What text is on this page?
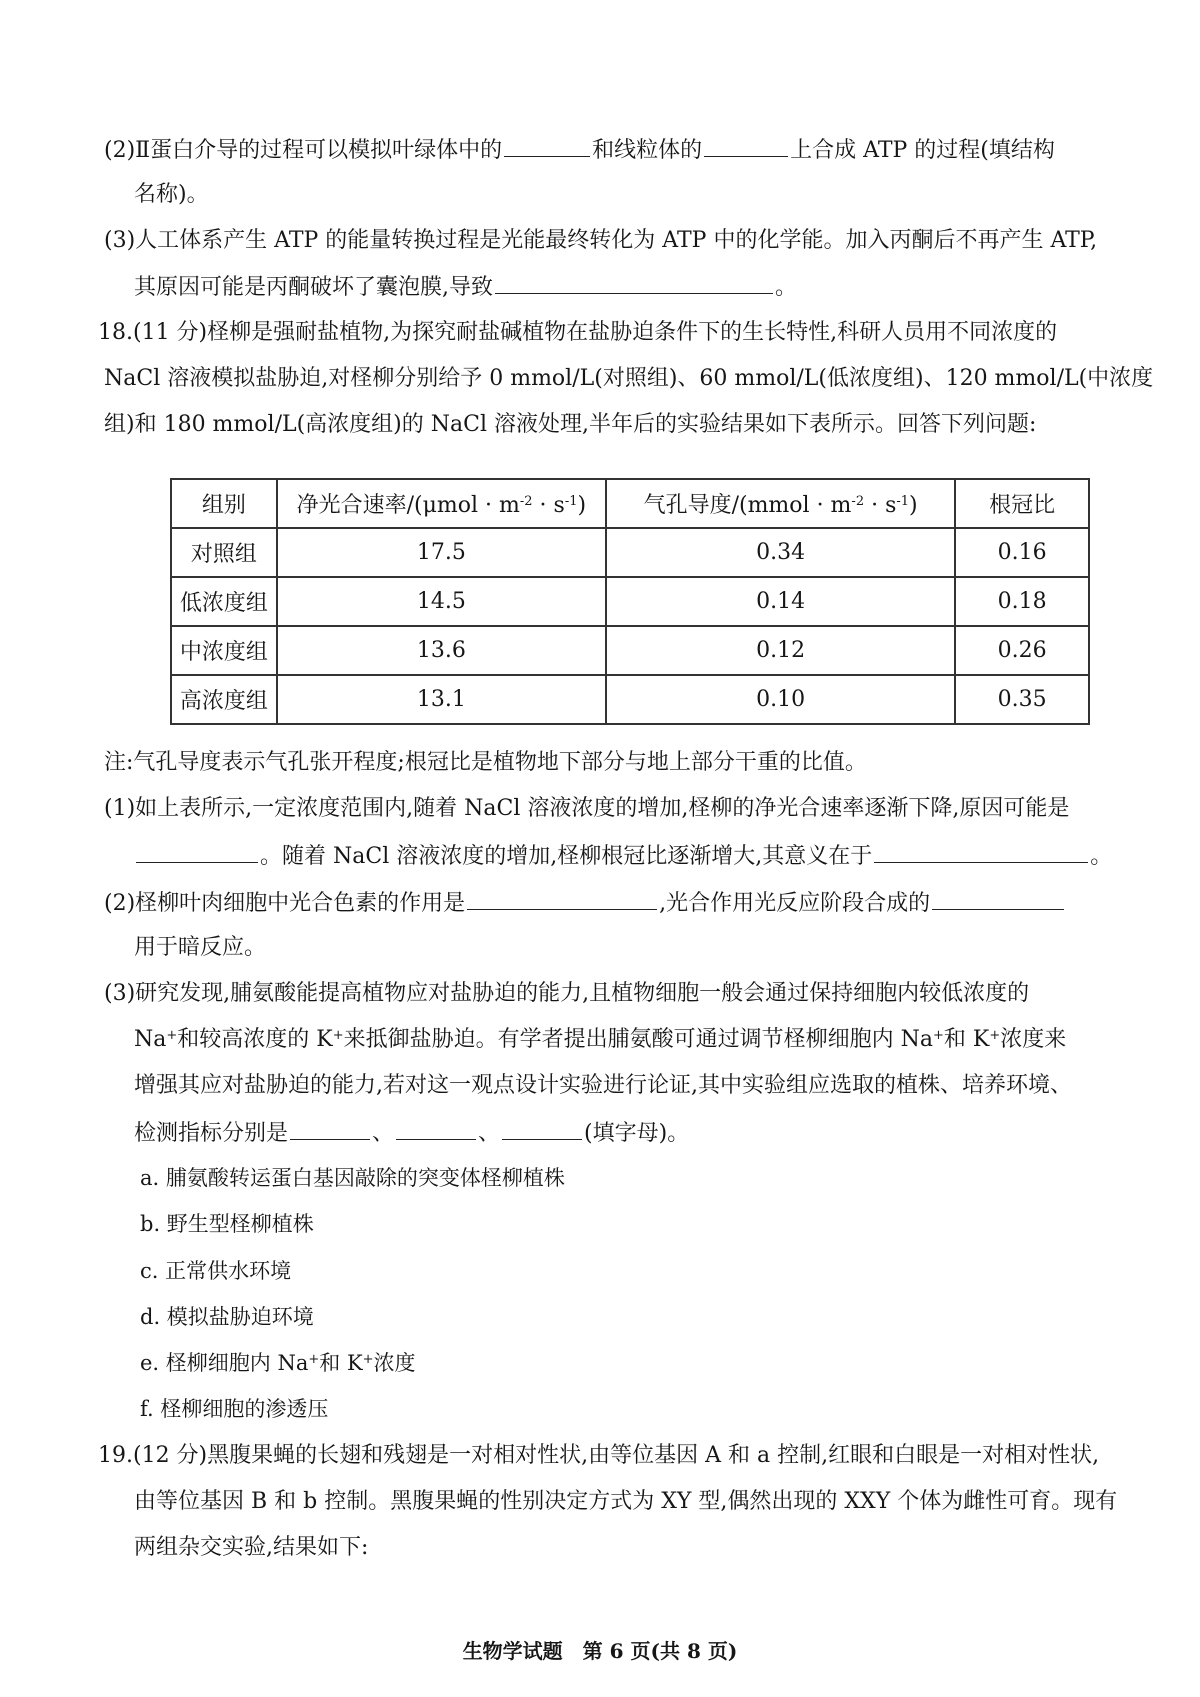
(2)Ⅱ蛋白介导的过程可以模拟叶绿体中的	和线粒体的	上合成 ATP 的过程(填结构
名称)。
(3)人工体系产生 ATP 的能量转换过程是光能最终转化为 ATP 中的化学能。加入丙酮后不再产生 ATP,
其原因可能是丙酮破坏了囊泡膜,导致	。
18.(11 分)柽柳是强耐盐植物,为探究耐盐碱植物在盐胁迫条件下的生长特性,科研人员用不同浓度的
NaCl 溶液模拟盐胁迫,对柽柳分别给予 0 mmol/L(对照组)、60 mmol/L(低浓度组)、120 mmol/L(中浓度
组)和 180 mmol/L(高浓度组)的 NaCl 溶液处理,半年后的实验结果如下表所示。回答下列问题:
组别	净光合速率$/(\mu mol \cdot m^{-2} \cdot s^{-1})$	气孔导度/(mmol · $m^{-2} \cdot s^{-1}$)	根冠比
对照组	17.5	0.34	0.16
低浓度组	14.5	0.14	0.18
中浓度组	13.6	0.12	0.26
高浓度组	13.1	0.10	0.35
注:气孔导度表示气孔张开程度;根冠比是植物地下部分与地上部分干重的比值。
(1)如上表所示,一定浓度范围内,随着 NaCl 溶液浓度的增加,柽柳的净光合速率逐渐下降,原因可能是
。随着 NaCl 溶液浓度的增加,柽柳根冠比逐渐增大,其意义在于	。
(2)柽柳叶肉细胞中光合色素的作用是	,光合作用光反应阶段合成的
用于暗反应。
(3)研究发现,脯氨酸能提高植物应对盐胁迫的能力,且植物细胞一般会通过保持细胞内较低浓度的
Na+和较高浓度的 K+来抵御盐胁迫。有学者提出脯氨酸可通过调节柽柳细胞内 Na+和 K+浓度来
增强其应对盐胁迫的能力,若对这一观点设计实验进行论证,其中实验组应选取的植株、培养环境、
检测指标分别是	、	、	(填字母)。
a. 脯氨酸转运蛋白基因敲除的突变体柽柳植株
b. 野生型柽柳植株
c. 正常供水环境
d. 模拟盐胁迫环境
e. 柽柳细胞内 Na+和 K+浓度
f. 柽柳细胞的渗透压
19.(12 分)黑腹果蝇的长翅和残翅是一对相对性状,由等位基因 A 和 a 控制,红眼和白眼是一对相对性状,
由等位基因 B 和 b 控制。黑腹果蝇的性别决定方式为 XY 型,偶然出现的 XXY 个体为雌性可育。现有
两组杂交实验,结果如下:
生物学试题　第 6 页(共 8 页)
